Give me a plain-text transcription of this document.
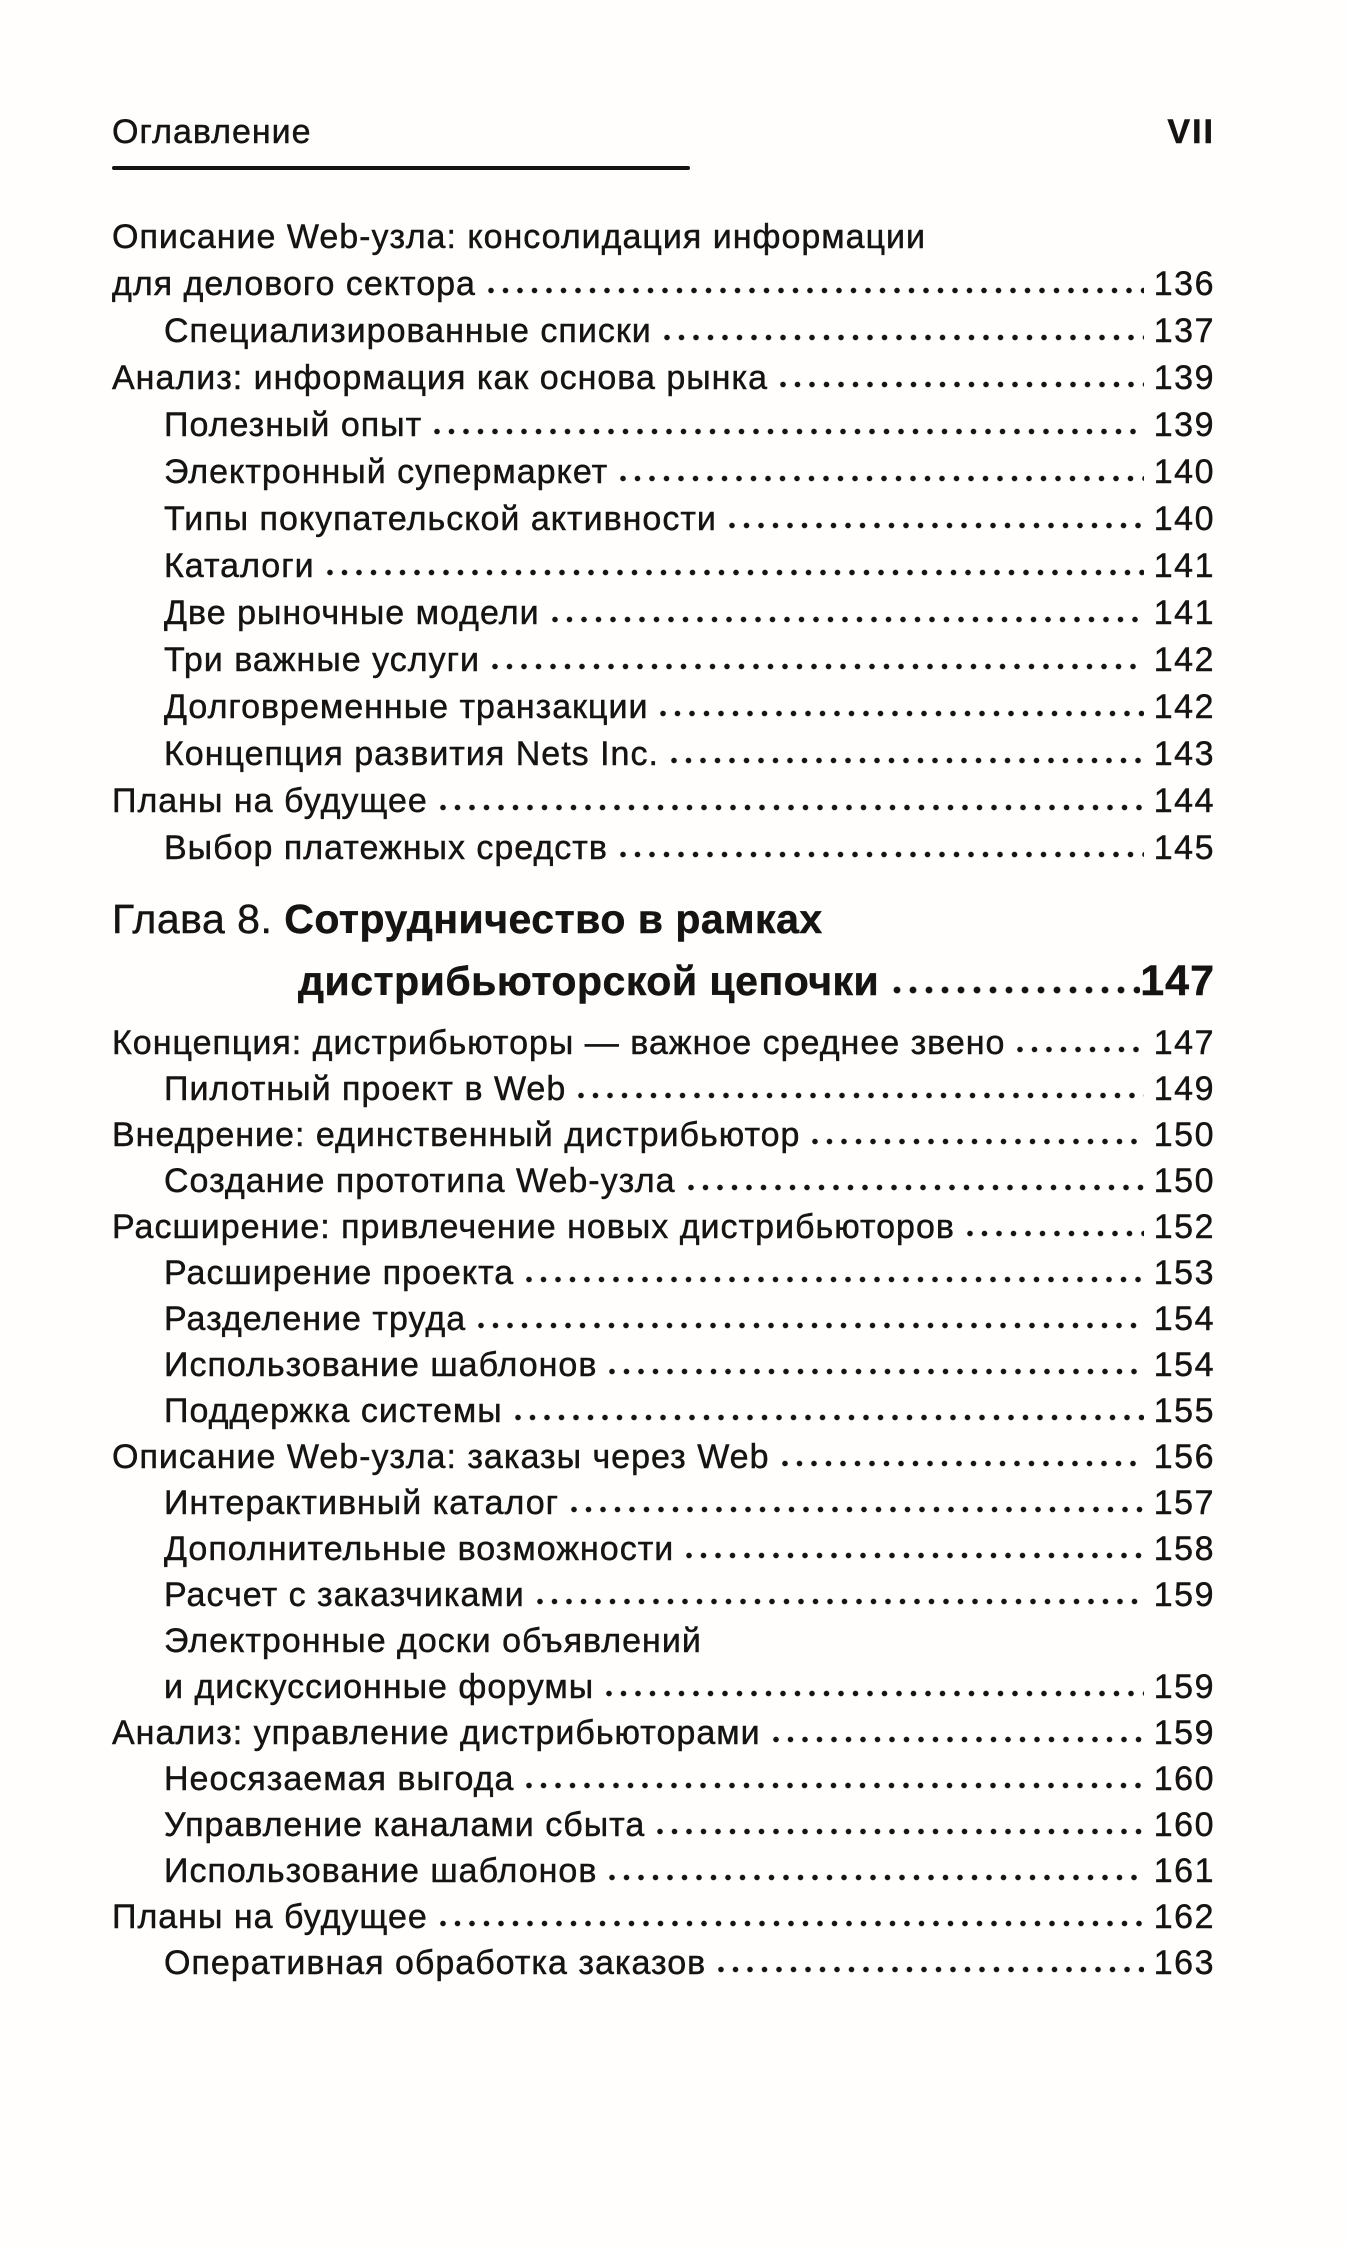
Оглавление	VII
Описание Web-узла: консолидация информации
для делового сектора	136
Специализированные списки	137
Анализ: информация как основа рынка	139
Полезный опыт	139
Электронный супермаркет	140
Типы покупательской активности	140
Каталоги	141
Две рыночные модели	141
Три важные услуги	142
Долговременные транзакции	142
Концепция развития Nets Inc.	143
Планы на будущее	144
Выбор платежных средств	145
Глава 8. Сотрудничество в рамках
дистрибьюторской цепочки	147
Концепция: дистрибьюторы — важное среднее звено	147
Пилотный проект в Web	149
Внедрение: единственный дистрибьютор	150
Создание прототипа Web-узла	150
Расширение: привлечение новых дистрибьюторов	152
Расширение проекта	153
Разделение труда	154
Использование шаблонов	154
Поддержка системы	155
Описание Web-узла: заказы через Web	156
Интерактивный каталог	157
Дополнительные возможности	158
Расчет с заказчиками	159
Электронные доски объявлений
и дискуссионные форумы	159
Анализ: управление дистрибьюторами	159
Неосязаемая выгода	160
Управление каналами сбыта	160
Использование шаблонов	161
Планы на будущее	162
Оперативная обработка заказов	163
